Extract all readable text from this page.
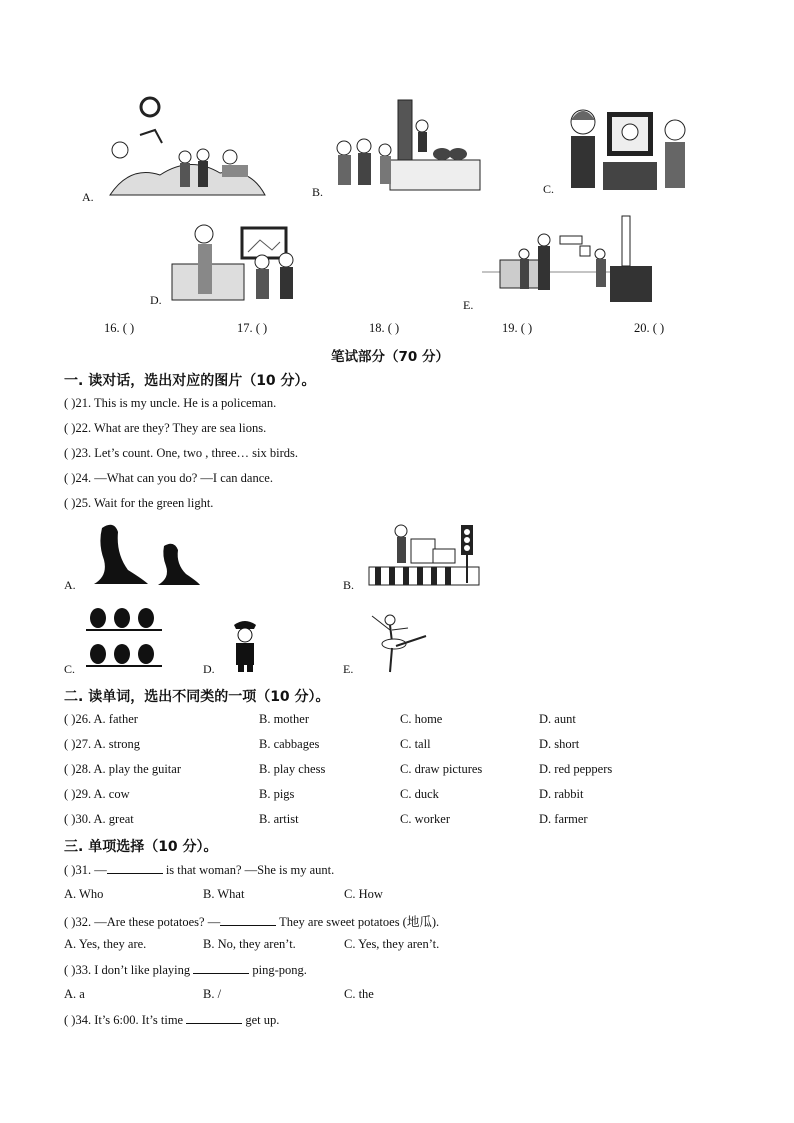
A.	B.	C.
D.	E.
16. ( )	17. ( )	18. ( )	19. ( )	20. ( )
笔试部分（70 分）
一. 读对话，选出对应的图片（10 分）。
( )21. This is my uncle. He is a policeman.
( )22. What are they? They are sea lions.
( )23. Let’s count. One, two , three… six birds.
( )24. —What can you do? —I can dance.
( )25. Wait for the green light.
A.	B.
C.	D.	E.
二. 读单词，选出不同类的一项（10 分）。
( )26. A. father	B. mother	C. home	D. aunt
( )27. A. strong	B. cabbages	C. tall	D. short
( )28. A. play the guitar	B. play chess	C. draw pictures	D. red peppers
( )29. A. cow	B. pigs	C. duck	D. rabbit
( )30. A. great	B. artist	C. worker	D. farmer
三. 单项选择（10 分）。
( )31. —	is that woman? —She is my aunt.
A. Who	B. What	C. How
( )32. —Are these potatoes? —	They are sweet potatoes (地瓜).
A. Yes, they are.	B. No, they aren’t.	C. Yes, they aren’t.
( )33. I don’t like playing	ping-pong.
A. a	B. /	C. the
( )34. It’s 6:00. It’s time	get up.
